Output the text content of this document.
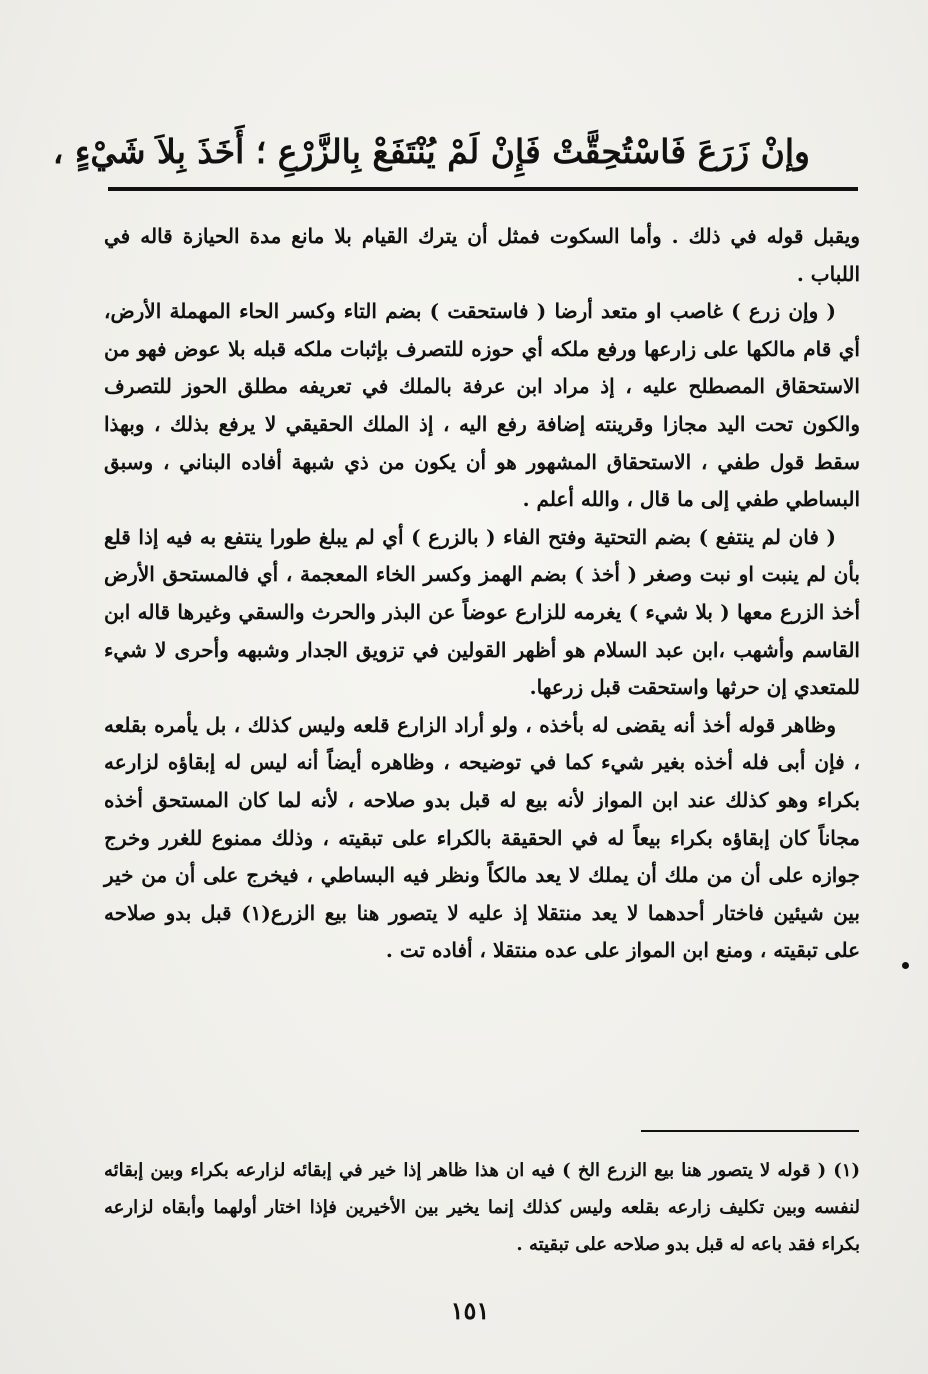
وإنْ زَرَعَ فَاسْتُحِقَّتْ فَإِنْ لَمْ يُنْتَفَعْ بِالزَّرْعِ ؛ أَخَذَ بِلاَ شَيْءٍ ،

ويقبل قوله في ذلك . وأما السكوت فمثل أن يترك القيام بلا مانع مدة الحيازة قاله في اللباب .

( وإن زرع ) غاصب او متعد أرضا ( فاستحقت ) بضم التاء وكسر الحاء المهملة الأرض، أي قام مالكها على زارعها ورفع ملكه أي حوزه للتصرف بإثبات ملكه قبله بلا عوض فهو من الاستحقاق المصطلح عليه ، إذ مراد ابن عرفة بالملك في تعريفه مطلق الحوز للتصرف والكون تحت اليد مجازا وقرينته إضافة رفع اليه ، إذ الملك الحقيقي لا يرفع بذلك ، وبهذا سقط قول طفي ، الاستحقاق المشهور هو أن يكون من ذي شبهة أفاده البناني ، وسبق البساطي طفي إلى ما قال ، والله أعلم .

( فان لم ينتفع ) بضم التحتية وفتح الفاء ( بالزرع ) أي لم يبلغ طورا ينتفع به فيه إذا قلع بأن لم ينبت او نبت وصغر ( أخذ ) بضم الهمز وكسر الخاء المعجمة ، أي فالمستحق الأرض أخذ الزرع معها ( بلا شيء ) يغرمه للزارع عوضاً عن البذر والحرث والسقي وغيرها قاله ابن القاسم وأشهب ،ابن عبد السلام هو أظهر القولين في تزويق الجدار وشبهه وأحرى لا شيء للمتعدي إن حرثها واستحقت قبل زرعها.

وظاهر قوله أخذ أنه يقضى له بأخذه ، ولو أراد الزارع قلعه وليس كذلك ، بل يأمره بقلعه ، فإن أبى فله أخذه بغير شيء كما في توضيحه ، وظاهره أيضاً أنه ليس له إبقاؤه لزارعه بكراء وهو كذلك عند ابن المواز لأنه بيع له قبل بدو صلاحه ، لأنه لما كان المستحق أخذه مجاناً كان إبقاؤه بكراء بيعاً له في الحقيقة بالكراء على تبقيته ، وذلك ممنوع للغرر وخرج جوازه على أن من ملك أن يملك لا يعد مالكاً ونظر فيه البساطي ، فيخرج على أن من خير بين شيئين فاختار أحدهما لا يعد منتقلا إذ عليه لا يتصور هنا بيع الزرع(١) قبل بدو صلاحه على تبقيته ، ومنع ابن المواز على عده منتقلا ، أفاده تت .

(١) ( قوله لا يتصور هنا بيع الزرع الخ ) فيه ان هذا ظاهر إذا خير في إبقائه لزارعه بكراء وبين إبقائه لنفسه وبين تكليف زارعه بقلعه وليس كذلك إنما يخير بين الأخيرين فإذا اختار أولهما وأبقاه لزارعه بكراء فقد باعه له قبل بدو صلاحه على تبقيته .

١٥١
